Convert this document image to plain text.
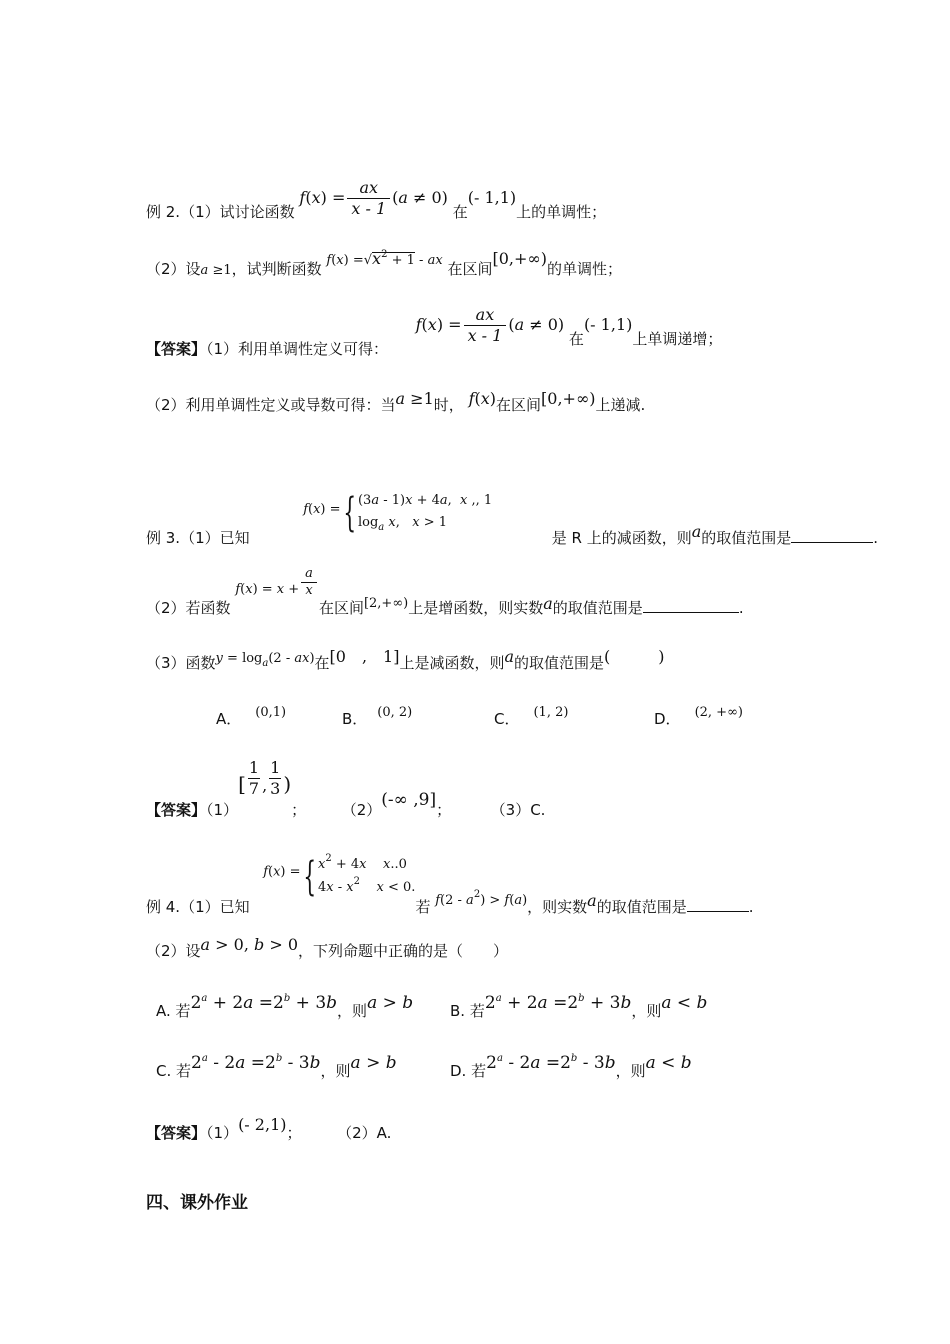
例 2.（1）试讨论函数 $f(x) = \frac{ax}{x - 1} (a \ne 0)$ 在(- 1,1)上的单调性；
（2）设a ≥1，试判断函数 $f(x) =√x^2 + 1$ - ax 在区间[0,+∞)的单调性；
【答案】（1）利用单调性定义可得：  $f(x) = \frac{ax}{x - 1} (a \ne 0)$ 在(- 1,1)上单调递增；
（2）利用单调性定义或导数可得：当a ≥1时， f(x)在区间[0,+∞)上递减.
例 3.（1）已知  f(x) ={ (3a - 1)x + 4a,  x ,, 1
$\log_a x$,   x > 1  是 R 上的减函数，则a的取值范围是	.
（2）若函数 $f(x) = x + \frac{a}{x}$
在区间[2,+∞)上是增函数，则实数a的取值范围是	.
（3）函数$y = \log_a(2 - ax)$在[0　,　1]上是减函数，则a的取值范围是(　　　)
A． (0,1)	B． (0, 2)	C． (1, 2)	D． (2, +∞)
【答案】$(1)[ \frac{1}{7}$ , $\frac{1}{3}$ )； （2）(-∞ ,9]；	（3）C.
例 4.（1）已知  f(x) ={ $x^2 + 4x$ x..0
$4x - x^2$ x < 0.若 $f(2 - a^2) > f(a)$，则实数a的取值范围是	.
（2）设a > 0, b > 0，下列命题中正确的是（　　）
A. 若$2^a + 2a =2^b + 3b$，则a > b B. 若$2^a + 2a =2^b + 3b$，则a < b
C. 若$2^a - 2a =2^b - 3b$，则a > b	D. 若$2^a - 2a =2^b - 3b$，则a < b
【答案】（1）(- 2,1)； （2）A.
四、课外作业
